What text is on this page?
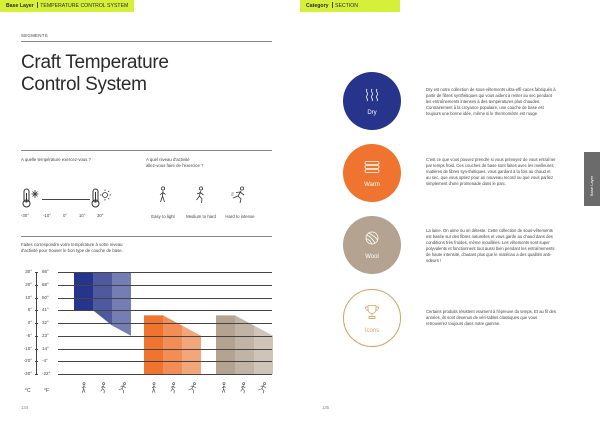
Base Layer TEMPERATURE CONTROL SYSTEM
SEGMENTS
Craft Temperature
Control System
A quelle température exercez-vous ?	A quel niveau d'activité
allez-vous faire de l'exercice ?
-30°	-10°	0°	10°	30°	Easy to light	Medium to hard	Hard to intense
Faites correspondre votre température à votre niveau
d'activité pour trouver le bon type de couche de base.
30° 86°
20° 68°
10° 50°
5° 41°
0° 32°
-5° 23°
-10° 14°
-20° -4°
-30° -22°
°C	°F
134
Category SECTION
Dry
Dry est notre collection de sous-vêtements ultra-effi-caces fabriqués à partir de fibres synthétiques qui vous aident à rester au sec pendant les entraînements intenses à des températures plus chaudes. Contrairement à la croyance populaire, une couche de base est toujours une bonne idée, même si le thermomètre est rouge.
Warm
C'est ce que vous pouvez prendre si vous prévoyez de vous entraîner par temps froid. Ces couches de base sont faites avec les meilleures matières de fibres syn-thétiques, vous gardant à la fois au chaud et au sec, que vous optiez pour un nouveau record ou que vous parliez simplement d'une promenade dans le parc.
Wool
La laine. On aime ou on déteste. Cette collection de sous-vêtements est basée sur des fibres naturelles et vous garde au chaud dans des conditions très froides, même mouillées. Les vêtements sont super polyvalents et fonctionnent tout aussi bien pendant les entraînements de haute intensité, d'autant plus que le matériau a des qualités anti-odeurs !
Icons
Certains produits résistent vraiment à l'épreuve du temps. Et au fil des années, ils sont devenus de véri-tables classiques que vous retrouverez toujours dans notre gamme.
Base Layer
135
